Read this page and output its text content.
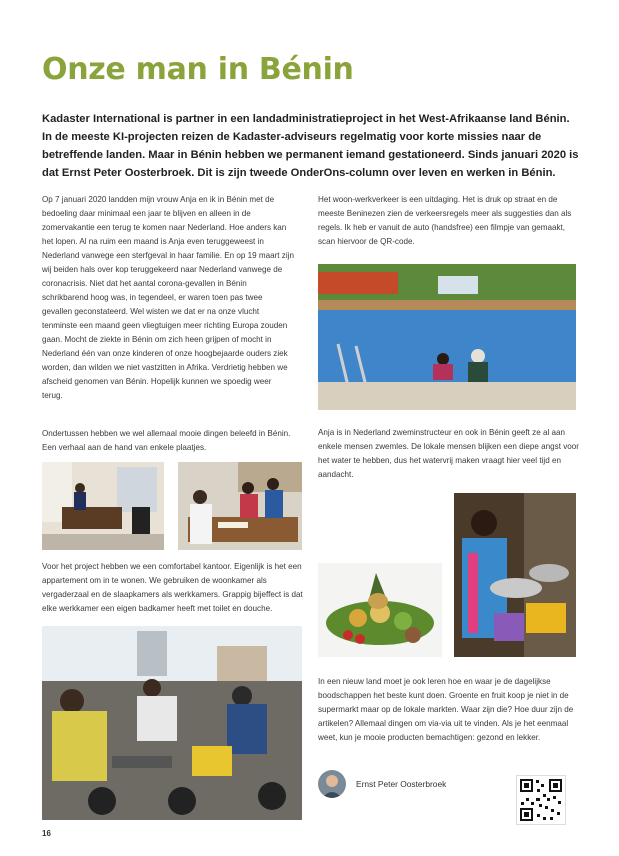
Onze man in Bénin

Kadaster International is partner in een landadministratieproject in het West-Afrikaanse land Bénin. In de meeste KI-projecten reizen de Kadaster-adviseurs regelmatig voor korte missies naar de betreffende landen. Maar in Bénin hebben we permanent iemand gestationeerd. Sinds januari 2020 is dat Ernst Peter Oosterbroek. Dit is zijn tweede OnderOns-column over leven en werken in Bénin.

Op 7 januari 2020 landden mijn vrouw Anja en ik in Bénin met de bedoeling daar minimaal een jaar te blijven en alleen in de zomervakantie een terug te komen naar Nederland. Hoe anders kan het lopen. Al na ruim een maand is Anja even teruggeweest in Nederland vanwege een sterfgeval in haar familie. En op 19 maart zijn wij beiden hals over kop teruggekeerd naar Nederland vanwege de coronacrisis. Niet dat het aantal corona-gevallen in Bénin schrikbarend hoog was, in tegendeel, er waren toen pas twee gevallen geconstateerd. Wel wisten we dat er na onze vlucht tenminste een maand geen vliegtuigen meer richting Europa zouden gaan. Mocht de ziekte in Bénin om zich heen grijpen of mocht in Nederland één van onze kinderen of onze hoogbejaarde ouders ziek worden, dan wilden we niet vastzitten in Afrika. Verdrietig hebben we afscheid genomen van Bénin. Hopelijk kunnen we spoedig weer terug.

Ondertussen hebben we wel allemaal mooie dingen beleefd in Bénin. Een verhaal aan de hand van enkele plaatjes.

Voor het project hebben we een comfortabel kantoor. Eigenlijk is het een appartement om in te wonen. We gebruiken de woonkamer als vergaderzaal en de slaapkamers als werkkamers. Grappig bijeffect is dat elke werkkamer een eigen badkamer heeft met toilet en douche.

Het woon-werkverkeer is een uitdaging. Het is druk op straat en de meeste Beninezen zien de verkeersregels meer als suggesties dan als regels. Ik heb er vanuit de auto (handsfree) een filmpje van gemaakt, scan hiervoor de QR-code.

Anja is in Nederland zweminstructeur en ook in Bénin geeft ze al aan enkele mensen zwemles. De lokale mensen blijken een diepe angst voor het water te hebben, dus het watervrij maken vraagt hier veel tijd en aandacht.

In een nieuw land moet je ook leren hoe en waar je de dagelijkse boodschappen het beste kunt doen. Groente en fruit koop je niet in de supermarkt maar op de lokale markten. Waar zijn die? Hoe duur zijn de artikelen? Allemaal dingen om via-via uit te vinden. Als je het eenmaal weet, kun je mooie producten bemachtigen: gezond en lekker.

Ernst Peter Oosterbroek
16
